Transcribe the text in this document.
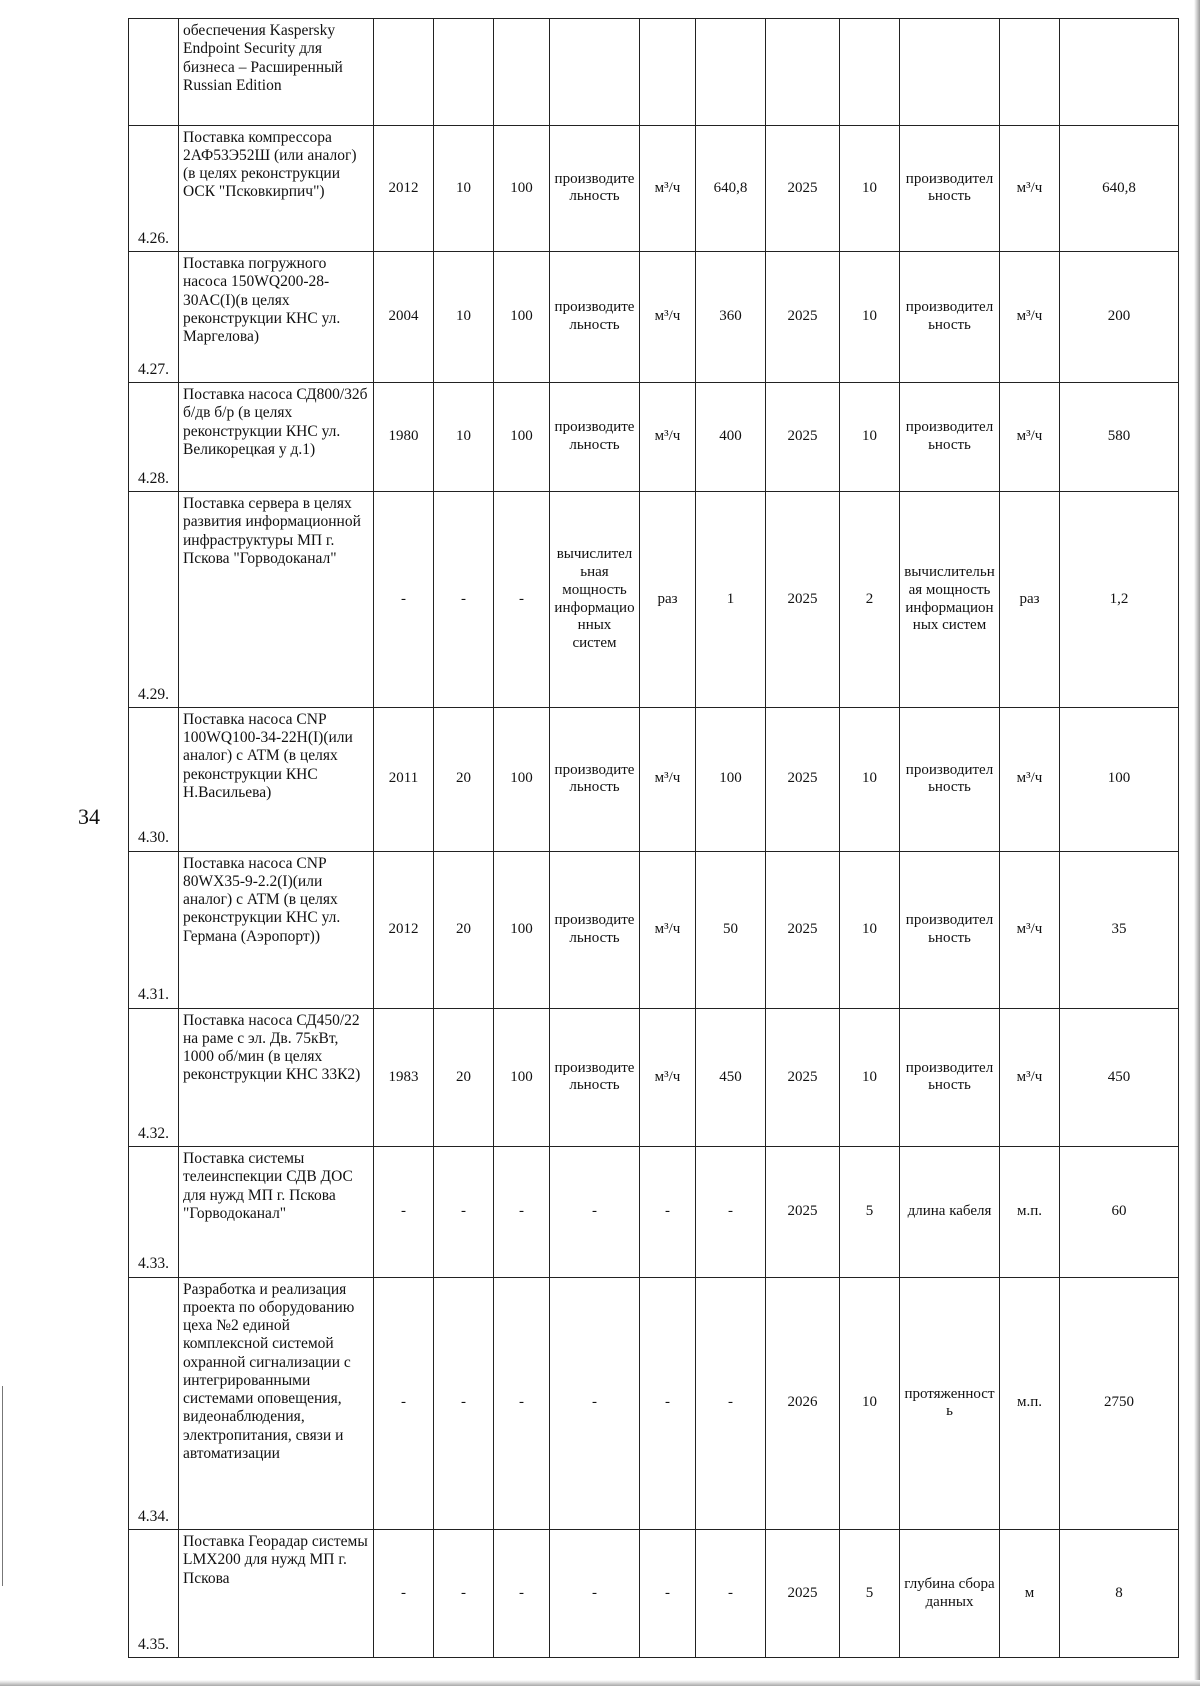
34
	обеспечения Kaspersky Endpoint Security для бизнеса – Расширенный Russian Edition											
4.26.	Поставка компрессора 2АФ53Э52Ш (или аналог) (в целях реконструкции ОСК "Псковкирпич")	2012	10	100	производительность	м³/ч	640,8	2025	10	производительность	м³/ч	640,8
4.27.	Поставка погружного насоса 150WQ200-28-30AC(I)(в целях реконструкции КНС ул. Маргелова)	2004	10	100	производительность	м³/ч	360	2025	10	производительность	м³/ч	200
4.28.	Поставка насоса СД800/32б б/дв б/р (в целях реконструкции КНС ул. Великорецкая у д.1)	1980	10	100	производительность	м³/ч	400	2025	10	производительность	м³/ч	580
4.29.	Поставка сервера в целях развития информационной инфраструктуры МП г. Пскова "Горводоканал"	-	-	-	вычислительная мощность информационных систем	раз	1	2025	2	вычислительная мощность информационных систем	раз	1,2
4.30.	Поставка насоса CNP 100WQ100-34-22H(I)(или аналог) с АТМ (в целях реконструкции КНС Н.Васильева)	2011	20	100	производительность	м³/ч	100	2025	10	производительность	м³/ч	100
4.31.	Поставка насоса CNP 80WX35-9-2.2(I)(или аналог) с АТМ (в целях реконструкции КНС ул. Германа (Аэропорт))	2012	20	100	производительность	м³/ч	50	2025	10	производительность	м³/ч	35
4.32.	Поставка насоса СД450/22 на раме с эл. Дв. 75кВт, 1000 об/мин (в целях реконструкции КНС 33К2)	1983	20	100	производительность	м³/ч	450	2025	10	производительность	м³/ч	450
4.33.	Поставка системы телеинспекции СДВ ДОС для нужд МП г. Пскова "Горводоканал"	-	-	-	-	-	-	2025	5	длина кабеля	м.п.	60
4.34.	Разработка и реализация проекта по оборудованию цеха №2 единой комплексной системой охранной сигнализации с интегрированными системами оповещения, видеонаблюдения, электропитания, связи и автоматизации	-	-	-	-	-	-	2026	10	протяженность	м.п.	2750
4.35.	Поставка Георадар системы LMX200 для нужд МП г. Пскова	-	-	-	-	-	-	2025	5	глубина сбора данных	м	8
